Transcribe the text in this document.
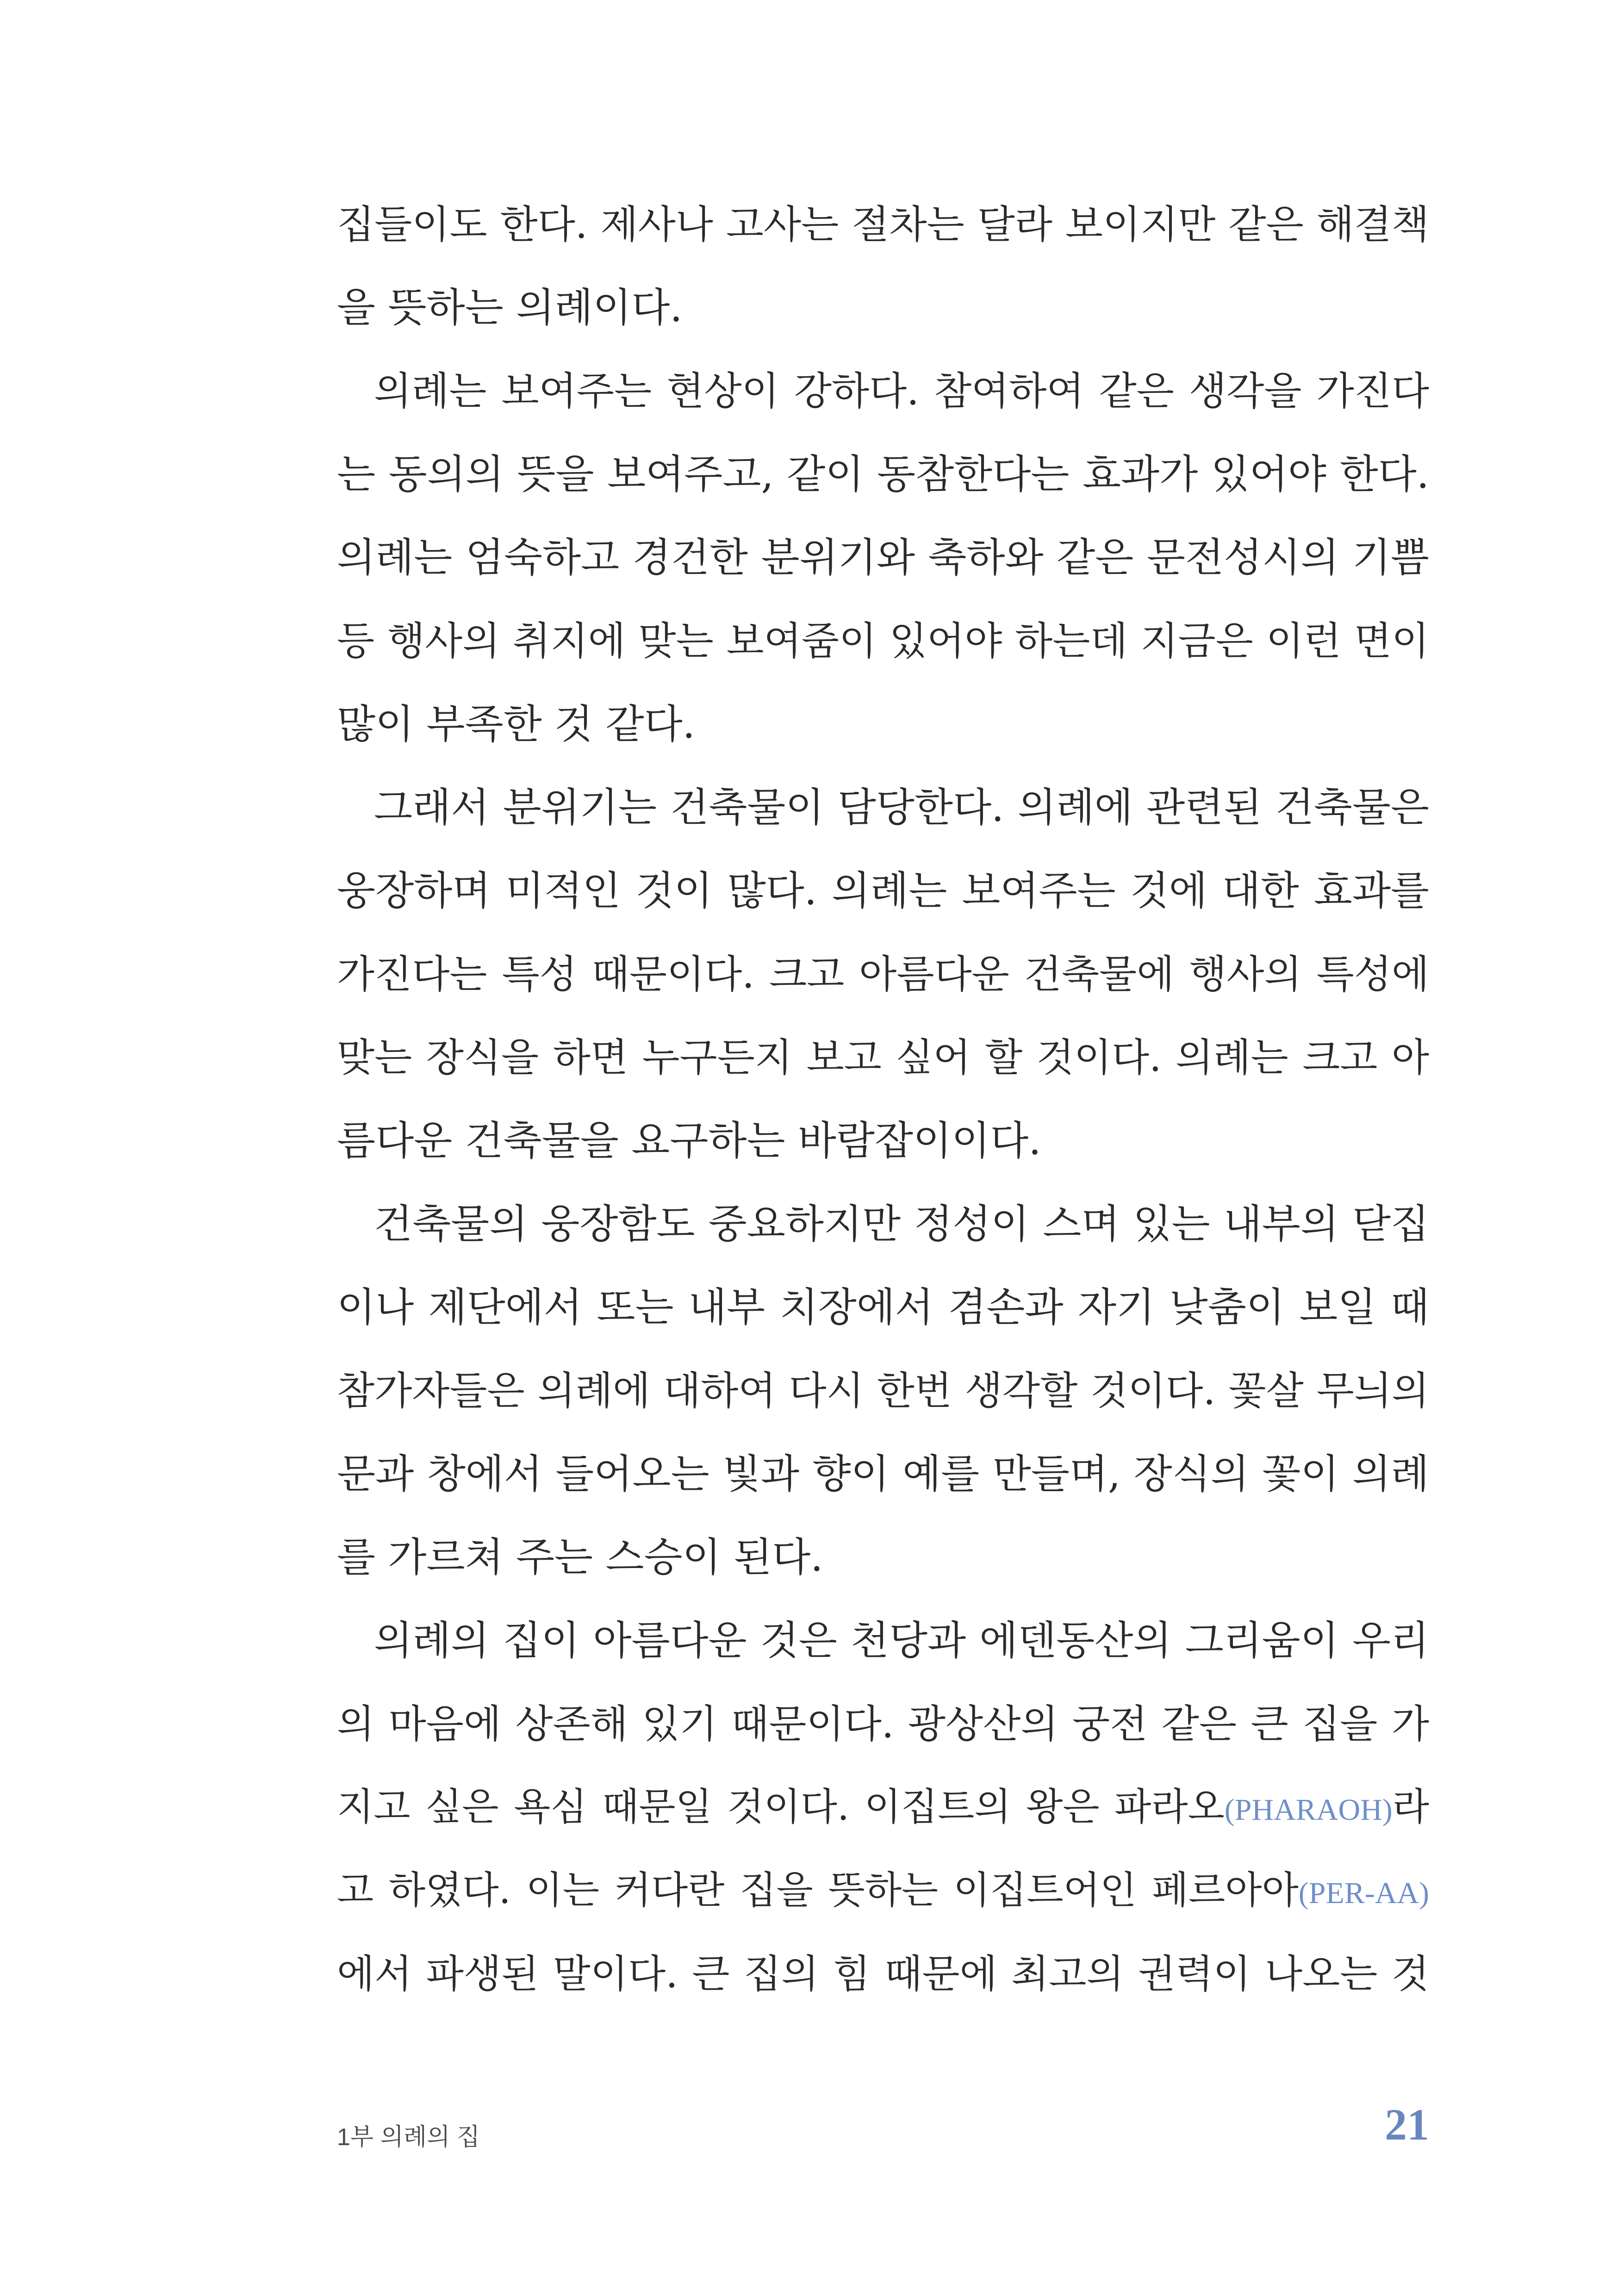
집들이도 한다. 제사나 고사는 절차는 달라 보이지만 같은 해결책
을 뜻하는 의례이다.
의례는 보여주는 현상이 강하다. 참여하여 같은 생각을 가진다
는 동의의 뜻을 보여주고, 같이 동참한다는 효과가 있어야 한다.
의례는 엄숙하고 경건한 분위기와 축하와 같은 문전성시의 기쁨
등 행사의 취지에 맞는 보여줌이 있어야 하는데 지금은 이런 면이
많이 부족한 것 같다.
그래서 분위기는 건축물이 담당한다. 의례에 관련된 건축물은
웅장하며 미적인 것이 많다. 의례는 보여주는 것에 대한 효과를
가진다는 특성 때문이다. 크고 아름다운 건축물에 행사의 특성에
맞는 장식을 하면 누구든지 보고 싶어 할 것이다. 의례는 크고 아
름다운 건축물을 요구하는 바람잡이이다.
건축물의 웅장함도 중요하지만 정성이 스며 있는 내부의 닫집
이나 제단에서 또는 내부 치장에서 겸손과 자기 낮춤이 보일 때
참가자들은 의례에 대하여 다시 한번 생각할 것이다. 꽃살 무늬의
문과 창에서 들어오는 빛과 향이 예를 만들며, 장식의 꽃이 의례
를 가르쳐 주는 스승이 된다.
의례의 집이 아름다운 것은 천당과 에덴동산의 그리움이 우리
의 마음에 상존해 있기 때문이다. 광상산의 궁전 같은 큰 집을 가
지고 싶은 욕심 때문일 것이다. 이집트의 왕은 파라오(PHARAOH)라
고 하였다. 이는 커다란 집을 뜻하는 이집트어인 페르아아(PER-AA)
에서 파생된 말이다. 큰 집의 힘 때문에 최고의 권력이 나오는 것
1부 의례의 집	21
